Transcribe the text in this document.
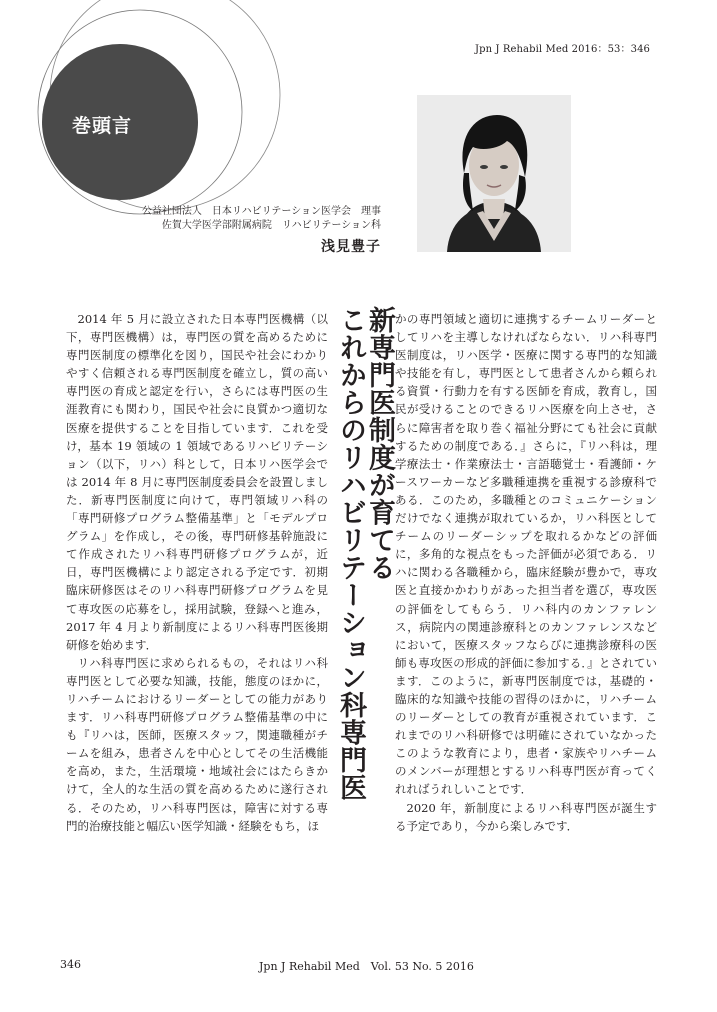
巻頭言
Jpn J Rehabil Med 2016：53：346
公益社団法人　日本リハビリテーション医学会　理事
佐賀大学医学部附属病院　リハビリテーション科
浅見豊子

2014 年 5 月に設立された日本専門医機構（以下，専門医機構）は，専門医の質を高めるために専門医制度の標準化を図り，国民や社会にわかりやすく信頼される専門医制度を確立し，質の高い専門医の育成と認定を行い，さらには専門医の生涯教育にも関わり，国民や社会に良質かつ適切な医療を提供することを目指しています．これを受け，基本 19 領域の 1 領域であるリハビリテーション（以下，リハ）科として，日本リハ医学会では 2014 年 8 月に専門医制度委員会を設置しました．新専門医制度に向けて，専門領域リハ科の「専門研修プログラム整備基準」と「モデルプログラム」を作成し，その後，専門研修基幹施設にて作成されたリハ科専門研修プログラムが，近日，専門医機構により認定される予定です．初期臨床研修医はそのリハ科専門研修プログラムを見て専攻医の応募をし，採用試験，登録へと進み，2017 年 4 月より新制度によるリハ科専門医後期研修を始めます．

リハ科専門医に求められるもの，それはリハ科専門医として必要な知識，技能，態度のほかに，リハチームにおけるリーダーとしての能力があります．リハ科専門研修プログラム整備基準の中にも『リハは，医師，医療スタッフ，関連職種がチームを組み，患者さんを中心としてその生活機能を高め，また，生活環境・地域社会にはたらきかけて，全人的な生活の質を高めるために遂行される．そのため，リハ科専門医は，障害に対する専門的治療技能と幅広い医学知識・経験をもち，ほ

新専門医制度が育てる
これからのリハビリテーション科専門医	かの専門領域と適切に連携するチームリーダーとしてリハを主導しなければならない．リハ科専門医制度は，リハ医学・医療に関する専門的な知識や技能を有し，専門医として患者さんから頼られる資質・行動力を有する医師を育成，教育し，国民が受けることのできるリハ医療を向上させ，さらに障害者を取り巻く福祉分野にても社会に貢献するための制度である．』さらに，『リハ科は，理学療法士・作業療法士・言語聴覚士・看護師・ケースワーカーなど多職種連携を重視する診療科である．このため，多職種とのコミュニケーションだけでなく連携が取れているか，リハ科医としてチームのリーダーシップを取れるかなどの評価に，多角的な視点をもった評価が必須である．リハに関わる各職種から，臨床経験が豊かで，専攻医と直接かかわりがあった担当者を選び，専攻医の評価をしてもらう．リハ科内のカンファレンス，病院内の関連診療科とのカンファレンスなどにおいて，医療スタッフならびに連携診療科の医師も専攻医の形成的評価に参加する．』とされています．このように，新専門医制度では，基礎的・臨床的な知識や技能の習得のほかに，リハチームのリーダーとしての教育が重視されています．これまでのリハ科研修では明確にされていなかったこのような教育により，患者・家族やリハチームのメンバーが理想とするリハ科専門医が育ってくれればうれしいことです．

2020 年，新制度によるリハ科専門医が誕生する予定であり，今から楽しみです．

346	Jpn J Rehabil Med　Vol. 53 No. 5 2016
